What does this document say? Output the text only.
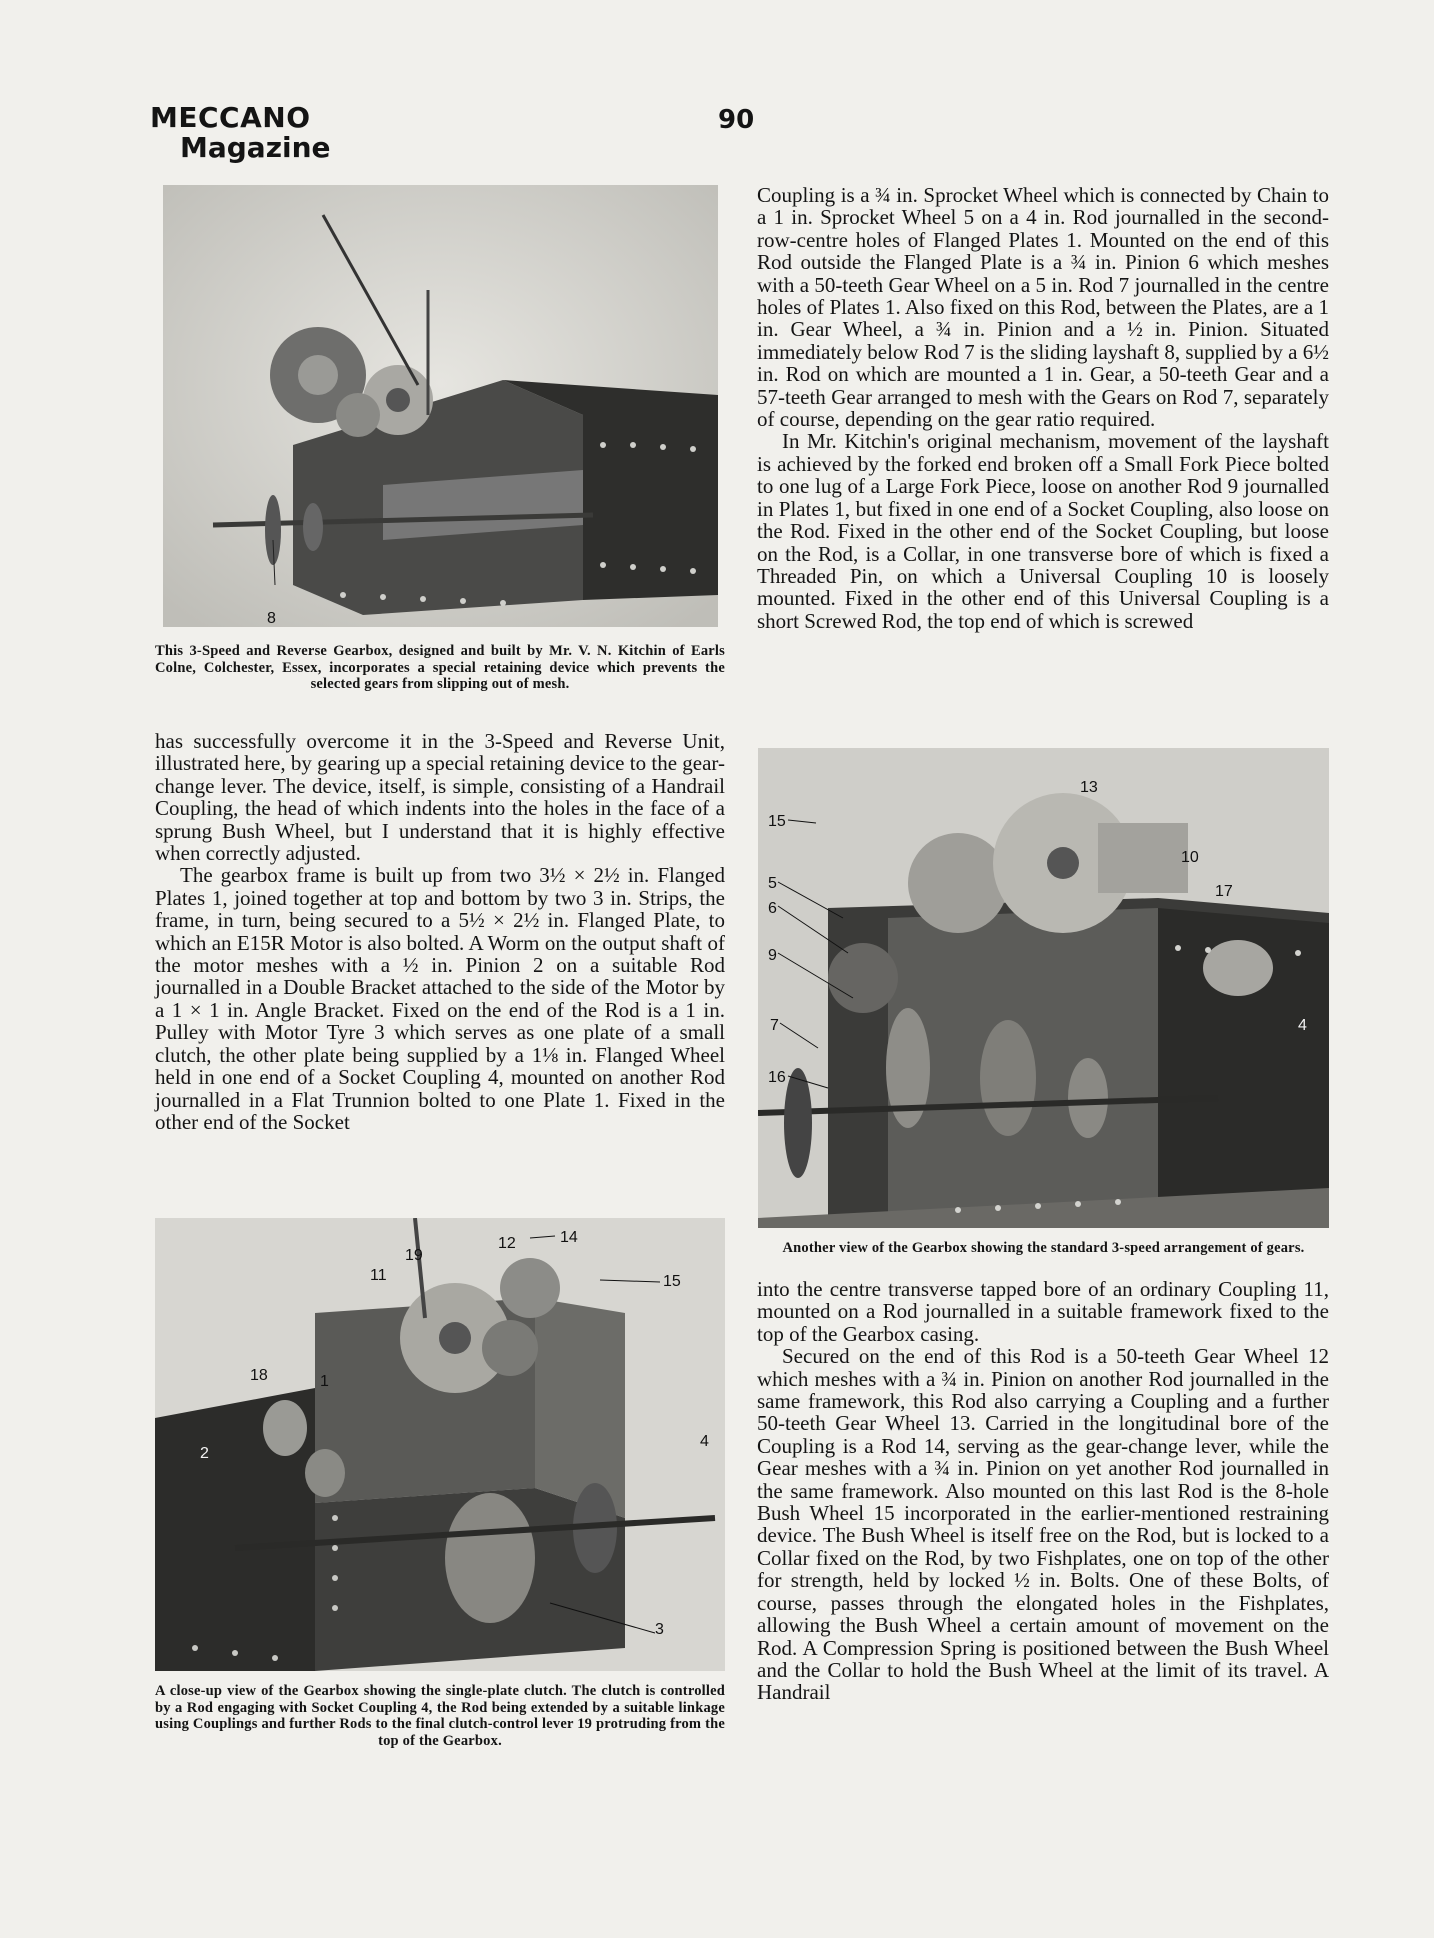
MECCANO
Magazine
90
8
This 3-Speed and Reverse Gearbox, designed and built by Mr. V. N. Kitchin of Earls Colne, Colchester, Essex, incorporates a special retaining device which prevents the selected gears from slipping out of mesh.

has successfully overcome it in the 3-Speed and Reverse Unit, illustrated here, by gearing up a special retaining device to the gear-change lever. The device, itself, is simple, consisting of a Handrail Coupling, the head of which indents into the holes in the face of a sprung Bush Wheel, but I understand that it is highly effective when correctly adjusted.

The gearbox frame is built up from two 3½ × 2½ in. Flanged Plates 1, joined together at top and bottom by two 3 in. Strips, the frame, in turn, being secured to a 5½ × 2½ in. Flanged Plate, to which an E15R Motor is also bolted. A Worm on the output shaft of the motor meshes with a ½ in. Pinion 2 on a suitable Rod journalled in a Double Bracket attached to the side of the Motor by a 1 × 1 in. Angle Bracket. Fixed on the end of the Rod is a 1 in. Pulley with Motor Tyre 3 which serves as one plate of a small clutch, the other plate being supplied by a 1⅛ in. Flanged Wheel held in one end of a Socket Coupling 4, mounted on another Rod journalled in a Flat Trunnion bolted to one Plate 1. Fixed in the other end of the Socket

12	14
19
11	15
18	1
4
2
3
A close-up view of the Gearbox showing the single-plate clutch. The clutch is controlled by a Rod engaging with Socket Coupling 4, the Rod being extended by a suitable linkage using Couplings and further Rods to the final clutch-control lever 19 protruding from the top of the Gearbox.

Coupling is a ¾ in. Sprocket Wheel which is connected by Chain to a 1 in. Sprocket Wheel 5 on a 4 in. Rod journalled in the second-row-centre holes of Flanged Plates 1. Mounted on the end of this Rod outside the Flanged Plate is a ¾ in. Pinion 6 which meshes with a 50-teeth Gear Wheel on a 5 in. Rod 7 journalled in the centre holes of Plates 1. Also fixed on this Rod, between the Plates, are a 1 in. Gear Wheel, a ¾ in. Pinion and a ½ in. Pinion. Situated immediately below Rod 7 is the sliding layshaft 8, supplied by a 6½ in. Rod on which are mounted a 1 in. Gear, a 50-teeth Gear and a 57-teeth Gear arranged to mesh with the Gears on Rod 7, separately of course, depending on the gear ratio required.

In Mr. Kitchin's original mechanism, movement of the layshaft is achieved by the forked end broken off a Small Fork Piece bolted to one lug of a Large Fork Piece, loose on another Rod 9 journalled in Plates 1, but fixed in one end of a Socket Coupling, also loose on the Rod. Fixed in the other end of the Socket Coupling, but loose on the Rod, is a Collar, in one transverse bore of which is fixed a Threaded Pin, on which a Universal Coupling 10 is loosely mounted. Fixed in the other end of this Universal Coupling is a short Screwed Rod, the top end of which is screwed

13
15
10
17
5
6
9
7
16
4
Another view of the Gearbox showing the standard 3-speed arrangement of gears.

into the centre transverse tapped bore of an ordinary Coupling 11, mounted on a Rod journalled in a suitable framework fixed to the top of the Gearbox casing.

Secured on the end of this Rod is a 50-teeth Gear Wheel 12 which meshes with a ¾ in. Pinion on another Rod journalled in the same framework, this Rod also carrying a Coupling and a further 50-teeth Gear Wheel 13. Carried in the longitudinal bore of the Coupling is a Rod 14, serving as the gear-change lever, while the Gear meshes with a ¾ in. Pinion on yet another Rod journalled in the same framework. Also mounted on this last Rod is the 8-hole Bush Wheel 15 incorporated in the earlier-mentioned restraining device. The Bush Wheel is itself free on the Rod, but is locked to a Collar fixed on the Rod, by two Fishplates, one on top of the other for strength, held by locked ½ in. Bolts. One of these Bolts, of course, passes through the elongated holes in the Fishplates, allowing the Bush Wheel a certain amount of movement on the Rod. A Compression Spring is positioned between the Bush Wheel and the Collar to hold the Bush Wheel at the limit of its travel. A Handrail
